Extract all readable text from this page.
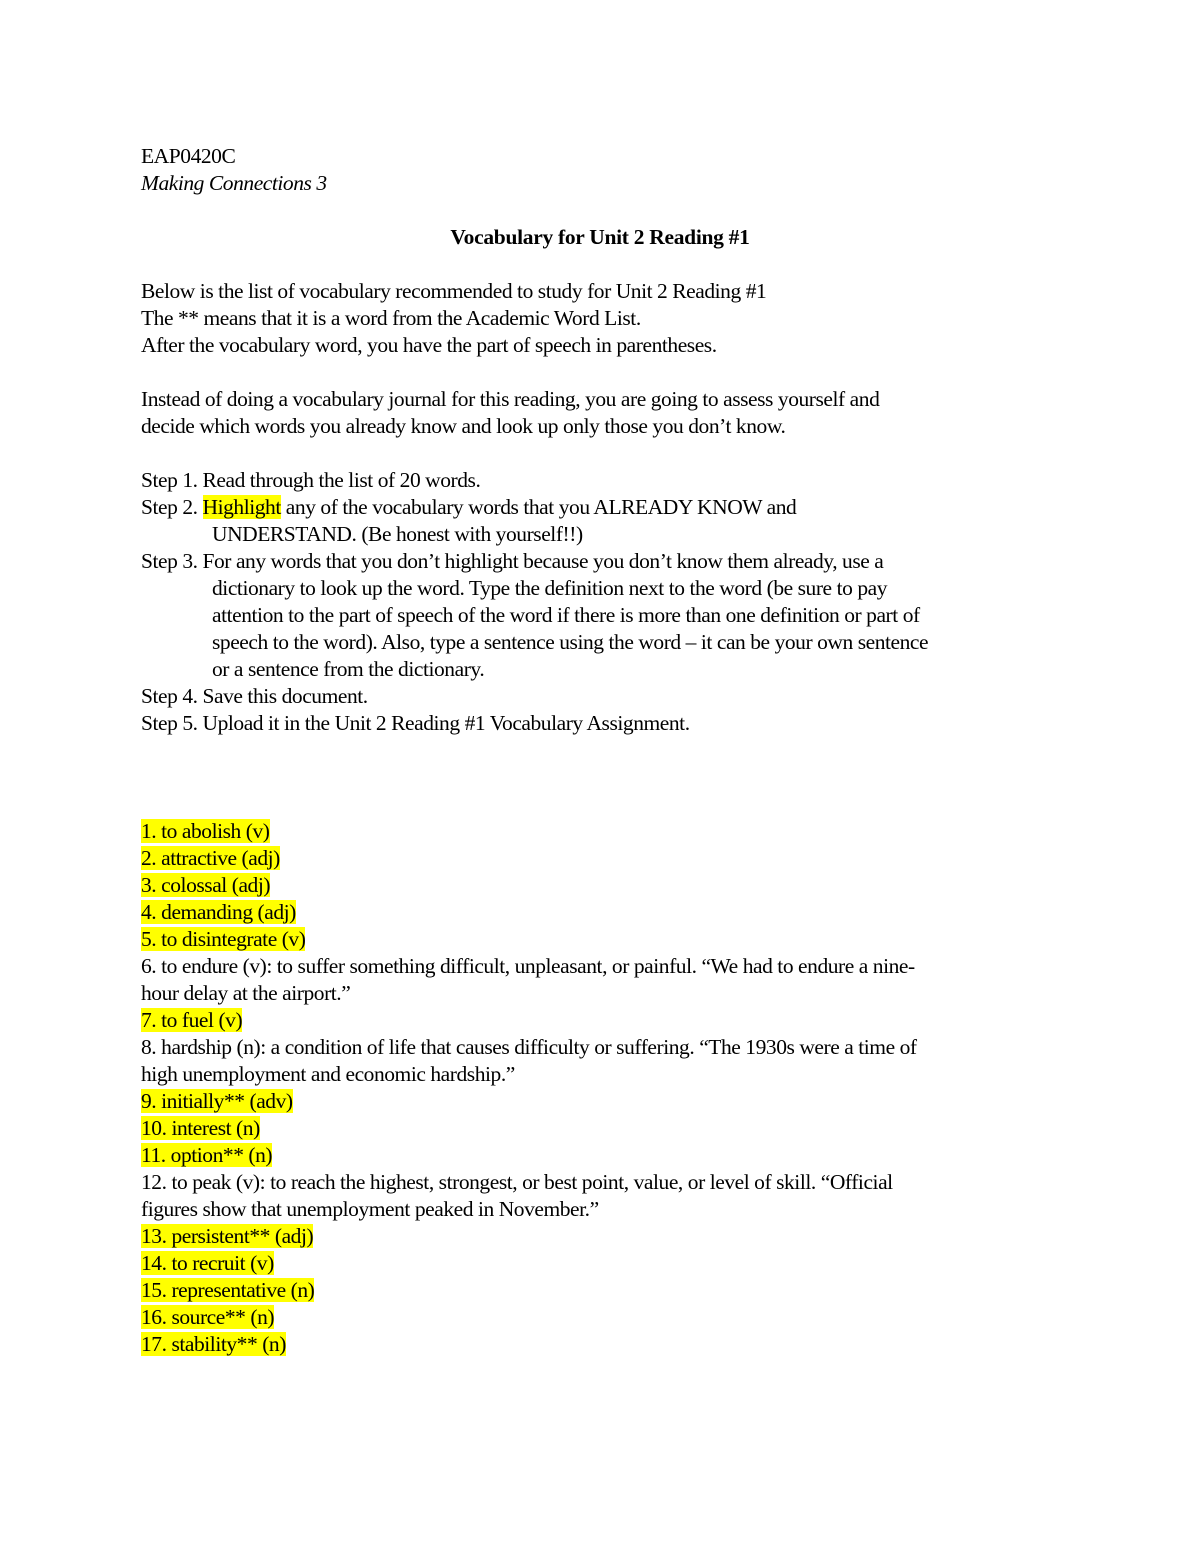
EAP0420C
Making Connections 3
Vocabulary for Unit 2 Reading #1
Below is the list of vocabulary recommended to study for Unit 2 Reading #1
The ** means that it is a word from the Academic Word List.
After the vocabulary word, you have the part of speech in parentheses.
Instead of doing a vocabulary journal for this reading, you are going to assess yourself and
decide which words you already know and look up only those you don’t know.
Step 1. Read through the list of 20 words.
Step 2. Highlight any of the vocabulary words that you ALREADY KNOW and
UNDERSTAND. (Be honest with yourself!!)
Step 3. For any words that you don’t highlight because you don’t know them already, use a
dictionary to look up the word. Type the definition next to the word (be sure to pay
attention to the part of speech of the word if there is more than one definition or part of
speech to the word). Also, type a sentence using the word – it can be your own sentence
or a sentence from the dictionary.
Step 4. Save this document.
Step 5. Upload it in the Unit 2 Reading #1 Vocabulary Assignment.
1. to abolish (v)
2. attractive (adj)
3. colossal (adj)
4. demanding (adj)
5. to disintegrate (v)
6. to endure (v): to suffer something difficult, unpleasant, or painful. “We had to endure a nine-
hour delay at the airport.”
7. to fuel (v)
8. hardship (n): a condition of life that causes difficulty or suffering. “The 1930s were a time of
high unemployment and economic hardship.”
9. initially** (adv)
10. interest (n)
11. option** (n)
12. to peak (v): to reach the highest, strongest, or best point, value, or level of skill. “Official
figures show that unemployment peaked in November.”
13. persistent** (adj)
14. to recruit (v)
15. representative (n)
16. source** (n)
17. stability** (n)
